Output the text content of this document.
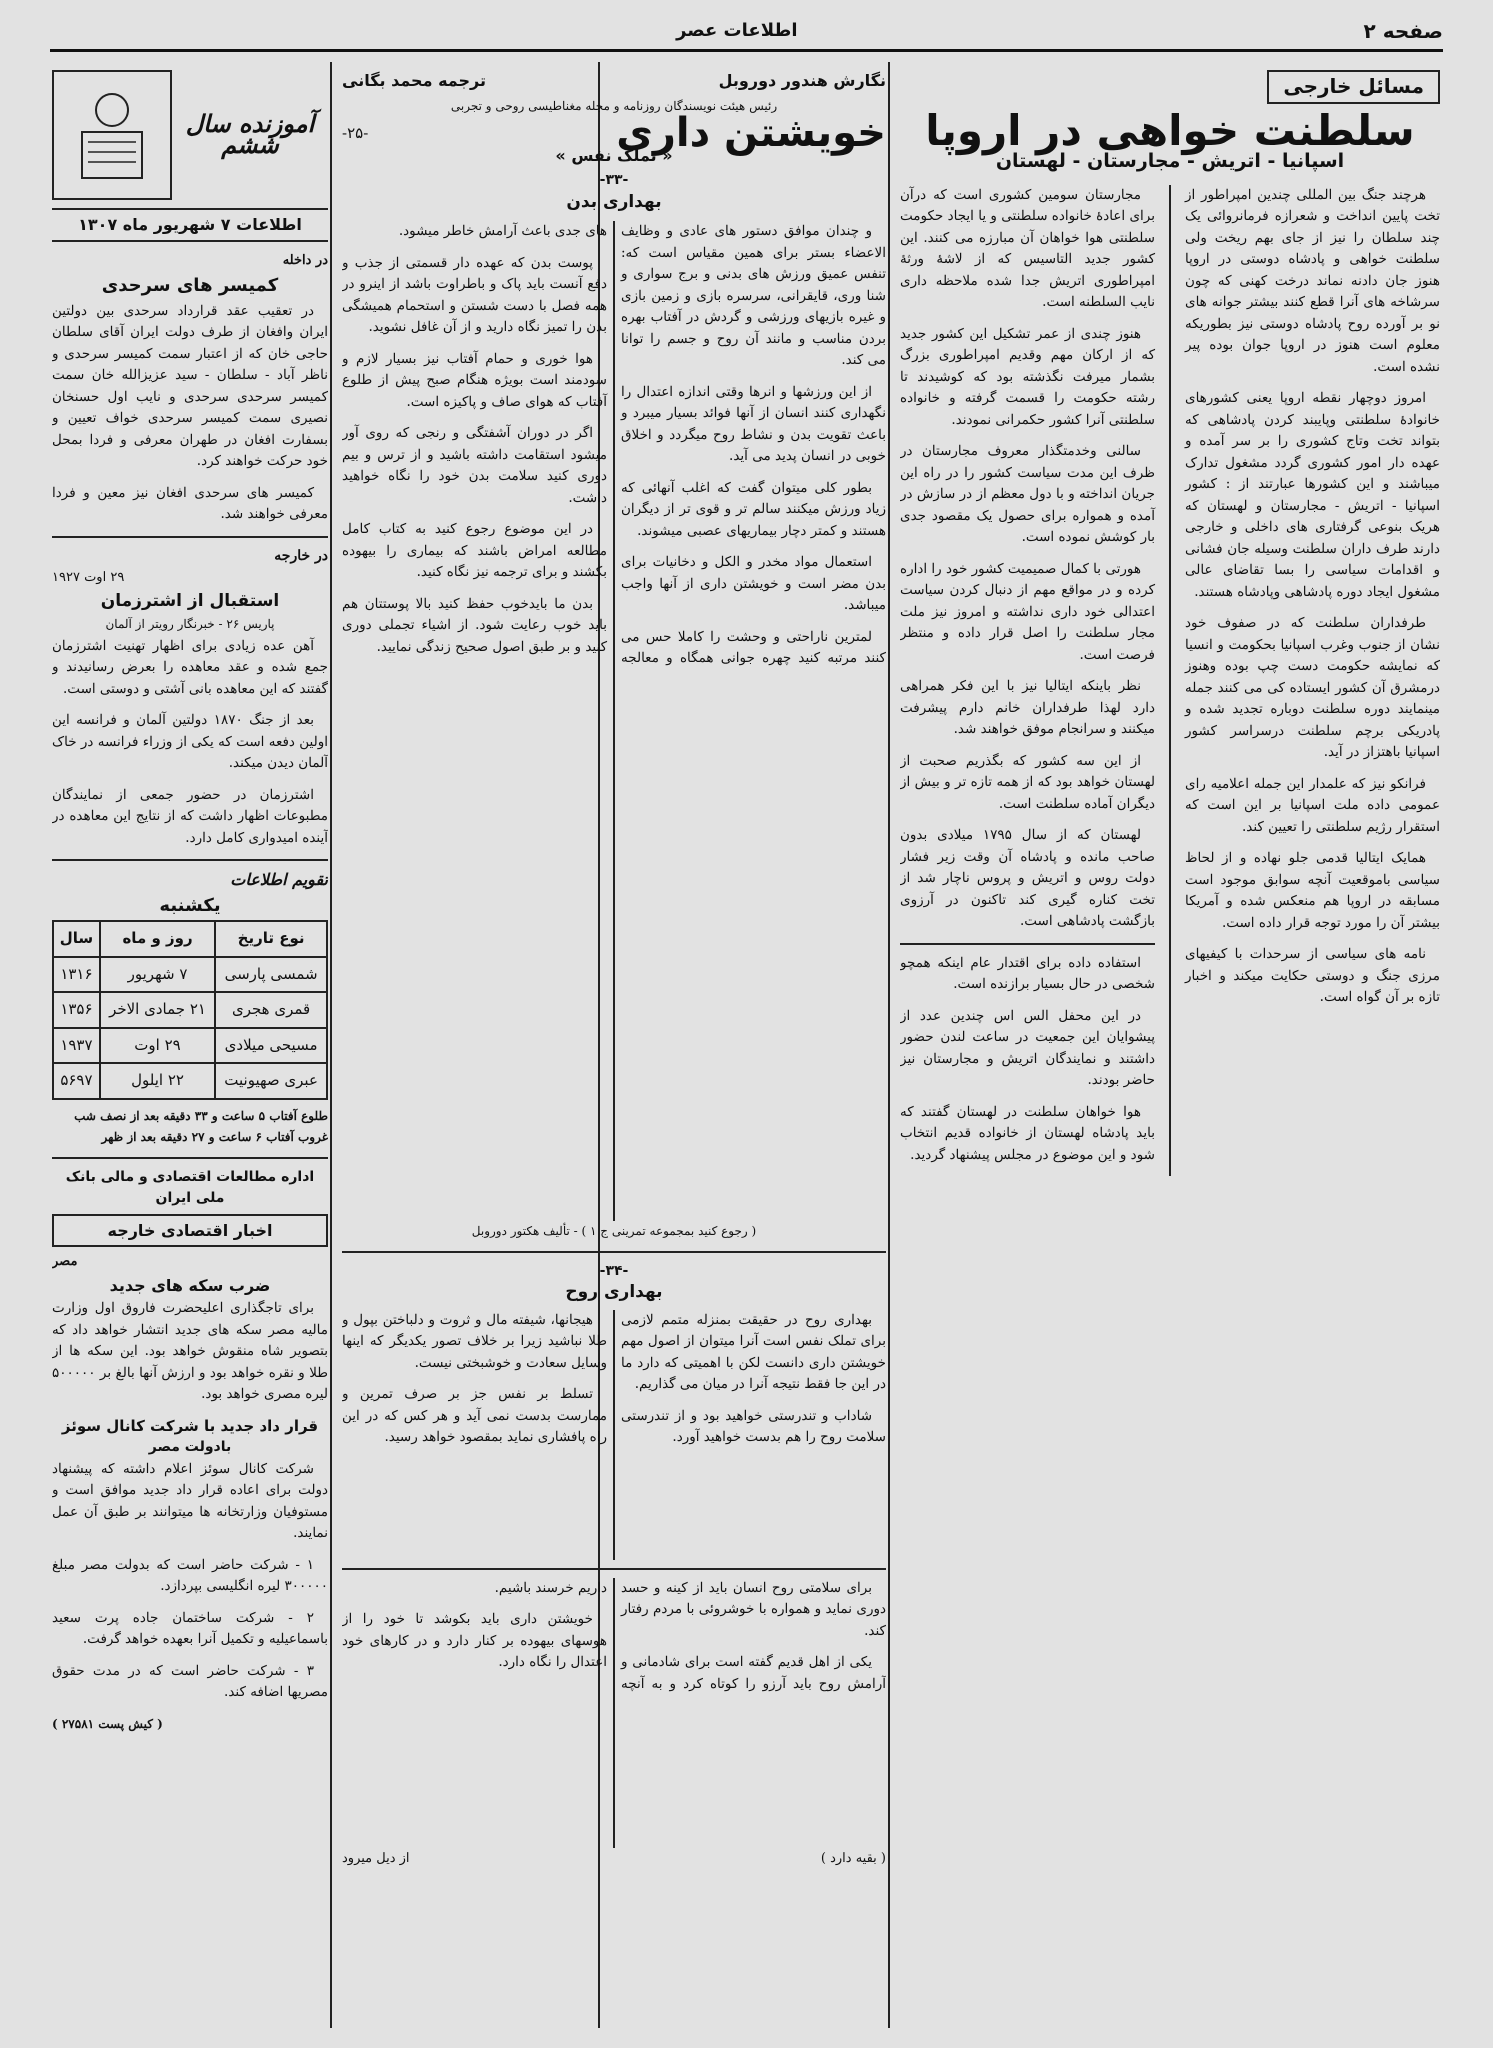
صفحه ۲
اطلاعات عصر
مسائل خارجی
سلطنت خواهی در اروپا
اسپانیا - اتریش - مجارستان - لهستان

هرچند جنگ بین المللی چندین امپراطور از تخت پایین انداخت و شعرازه فرمانروائی یک چند سلطان را نیز از جای بهم ریخت ولی سلطنت خواهی و پادشاه دوستی در اروپا هنوز جان دادنه نماند درخت کهنی که چون سرشاخه های آنرا قطع کنند بیشتر جوانه های نو بر آورده روح پادشاه دوستی نیز بطوریکه معلوم است هنوز در اروپا جوان بوده پیر نشده است.

امروز دوچهار نقطه اروپا یعنی کشورهای خانوادهٔ سلطنتی وپایبند کردن پادشاهی که بتواند تخت وتاج کشوری را بر سر آمده و عهده دار امور کشوری گردد مشغول تدارک میباشند و این کشورها عبارتند از : کشور اسپانیا - اتریش - مجارستان و لهستان که هریک بنوعی گرفتاری های داخلی و خارجی دارند طرف داران سلطنت وسیله جان فشانی و اقدامات سیاسی را بسا تقاضای عالی مشغول ایجاد دوره پادشاهی وپادشاه هستند.

طرفداران سلطنت که در صفوف خود نشان از جنوب وغرب اسپانیا بحکومت و انسیا که نمایشه حکومت دست چپ بوده وهنوز درمشرق آن کشور ایستاده کی می کنند جمله مینمایند دوره سلطنت دوباره تجدید شده و پادریکی برچم سلطنت درسراسر کشور اسپانیا باهتزاز در آید.

فرانکو نیز که علمدار این جمله اعلامیه رای عمومی داده ملت اسپانیا بر این است که استقرار رژیم سلطنتی را تعیین کند.

همایک ایتالیا قدمی جلو نهاده و از لحاظ سیاسی باموقعیت آنچه سوابق موجود است مسابقه در اروپا هم منعکس شده و آمریکا بیشتر آن را مورد توجه قرار داده است.

نامه های سیاسی از سرحدات با کیفیهای مرزی جنگ و دوستی حکایت میکند و اخبار تازه بر آن گواه است.

مجارستان سومین کشوری است که درآن برای اعادهٔ خانواده سلطنتی و یا ایجاد حکومت سلطنتی هوا خواهان آن مبارزه می کنند. این کشور جدید التاسیس که از لاشهٔ ورثهٔ امپراطوری اتریش جدا شده ملاحظه داری نایب السلطنه است.

هنوز چندی از عمر تشکیل این کشور جدید که از ارکان مهم وقدیم امپراطوری بزرگ بشمار میرفت نگذشته بود که کوشیدند تا رشته حکومت را قسمت گرفته و خانواده سلطنتی آنرا کشور حکمرانی نمودند.

سالنی وخدمتگذار معروف مجارستان در ظرف این مدت سیاست کشور را در راه این جریان انداخته و با دول معظم از در سازش در آمده و همواره برای حصول یک مقصود جدی بار کوشش نموده است.

هورتی با کمال صمیمیت کشور خود را اداره کرده و در مواقع مهم از دنبال کردن سیاست اعتدالی خود داری نداشته و امروز نیز ملت مجار سلطنت را اصل قرار داده و منتظر فرصت است.

نظر باینکه ایتالیا نیز با این فکر همراهی دارد لهذا طرفداران خانم دارم پیشرفت میکنند و سرانجام موفق خواهند شد.

از این سه کشور که بگذریم صحبت از لهستان خواهد بود که از همه تازه تر و بیش از دیگران آماده سلطنت است.

لهستان که از سال ۱۷۹۵ میلادی بدون صاحب مانده و پادشاه آن وقت زیر فشار دولت روس و اتریش و پروس ناچار شد از تخت کناره گیری کند تاکنون در آرزوی بازگشت پادشاهی است.

استفاده داده برای اقتدار عام اینکه همچو شخصی در حال بسیار برازنده است.

در این محفل الس اس چندین عدد از پیشوایان این جمعیت در ساعت لندن حضور داشتند و نمایندگان اتریش و مجارستان نیز حاضر بودند.

هوا خواهان سلطنت در لهستان گفتند که باید پادشاه لهستان از خانواده قدیم انتخاب شود و این موضوع در مجلس پیشنهاد گردید.

نگارش هندور دوروبل
ترجمه محمد بگانی
رئیس هیئت نویسندگان روزنامه و مجله مغناطیسی روحی و تجربی
خویشتن داری
-۲۵-
« تملک نفس »
-۳۳-
بهداری بدن

و چندان موافق دستور های عادی و وظایف الاعضاء بستر برای همین مقیاس است که: تنفس عمیق ورزش های بدنی و برج سواری و شنا وری، قایقرانی، سرسره بازی و زمین بازی و غیره بازیهای ورزشی و گردش در آفتاب بهره بردن مناسب و مانند آن روح و جسم را توانا می کند.

از این ورزشها و انرها وقتی اندازه اعتدال را نگهداری کنند انسان از آنها فوائد بسیار میبرد و باعث تقویت بدن و نشاط روح میگردد و اخلاق خوبی در انسان پدید می آید.

بطور کلی میتوان گفت که اغلب آنهائی که زیاد ورزش میکنند سالم تر و قوی تر از دیگران هستند و کمتر دچار بیماریهای عصبی میشوند.

استعمال مواد مخدر و الکل و دخانیات برای بدن مضر است و خویشتن داری از آنها واجب میباشد.

لمترین ناراحتی و وحشت را کاملا حس می کنند مرتبه کنید چهره جوانی همگاه و معالجه های جدی باعث آرامش خاطر میشود.

پوست بدن که عهده دار قسمتی از جذب و دفع آنست باید پاک و باطراوت باشد از اینرو در همه فصل با دست شستن و استحمام همیشگی بدن را تمیز نگاه دارید و از آن غافل نشوید.

هوا خوری و حمام آفتاب نیز بسیار لازم و سودمند است بویژه هنگام صبح پیش از طلوع آفتاب که هوای صاف و پاکیزه است.

اگر در دوران آشفتگی و رنجی که روی آور میشود استقامت داشته باشید و از ترس و بیم دوری کنید سلامت بدن خود را نگاه خواهید داشت.

در این موضوع رجوع کنید به کتاب کامل مطالعه امراض باشند که بیماری را بیهوده بکشند و برای ترجمه نیز نگاه کنید.

بدن ما بایدخوب حفظ کنید بالا پوستتان هم باید خوب رعایت شود. از اشیاء تجملی دوری کنید و بر طبق اصول صحیح زندگی نمایید.

( رجوع کنید بمجموعه تمرینی ج ۱ ) - تألیف هکتور دوروبل
-۳۴-
بهداری روح

بهداری روح در حقیقت بمنزله متمم لازمی برای تملک نفس است آنرا میتوان از اصول مهم خویشتن داری دانست لکن با اهمیتی که دارد ما در این جا فقط نتیجه آنرا در میان می گذاریم.

شاداب و تندرستی خواهید بود و از تندرستی سلامت روح را هم بدست خواهید آورد.

هیجانها، شیفته مال و ثروت و دلباختن بپول و طلا نباشید زیرا بر خلاف تصور یکدیگر که اینها وسایل سعادت و خوشبختی نیست.

تسلط بر نفس جز بر صرف تمرین و ممارست بدست نمی آید و هر کس که در این راه پافشاری نماید بمقصود خواهد رسید.

برای سلامتی روح انسان باید از کینه و حسد دوری نماید و همواره با خوشروئی با مردم رفتار کند.

یکی از اهل قدیم گفته است برای شادمانی و آرامش روح باید آرزو را کوتاه کرد و به آنچه داریم خرسند باشیم.

خویشتن داری باید بکوشد تا خود را از هوسهای بیهوده بر کنار دارد و در کارهای خود اعتدال را نگاه دارد.

( بقیه دارد )
از دیل میرود
آموزنده سال ششم
اطلاعات ۷ شهریور ماه ۱۳۰۷
در داخله
کمیسر های سرحدی

در تعقیب عقد قرارداد سرحدی بین دولتین ایران وافغان از طرف دولت ایران آقای سلطان حاجی خان که از اعتبار سمت کمیسر سرحدی و ناظر آباد - سلطان - سید عزیزالله خان سمت کمیسر سرحدی سرحدی و نایب اول حسنخان نصیری سمت کمیسر سرحدی خواف تعیین و بسفارت افغان در طهران معرفی و فردا بمحل خود حرکت خواهند کرد.

کمیسر های سرحدی افغان نیز معین و فردا معرفی خواهند شد.

در خارجه
۲۹ اوت ۱۹۲۷
استقبال از اشترزمان
پاریس ۲۶ - خبرنگار رویتر از آلمان

آهن عده زیادی برای اظهار تهنیت اشترزمان جمع شده و عقد معاهده را بعرض رسانیدند و گفتند که این معاهده بانی آشتی و دوستی است.

بعد از جنگ ۱۸۷۰ دولتین آلمان و فرانسه این اولین دفعه است که یکی از وزراء فرانسه در خاک آلمان دیدن میکند.

اشترزمان در حضور جمعی از نمایندگان مطبوعات اظهار داشت که از نتایج این معاهده در آینده امیدواری کامل دارد.

تقویم اطلاعات
یکشنبه
نوع تاریخ	روز و ماه	سال
شمسی پارسی	۷ شهریور	۱۳۱۶
قمری هجری	۲۱ جمادی الاخر	۱۳۵۶
مسیحی میلادی	۲۹ اوت	۱۹۳۷
عبری صهیونیت	۲۲ ایلول	۵۶۹۷
طلوع آفتاب ۵ ساعت و ۳۳ دقیقه بعد از نصف شب
غروب آفتاب ۶ ساعت و ۲۷ دقیقه بعد از ظهر
اداره مطالعات اقتصادی و مالی بانک ملی ایران
اخبار اقتصادی خارجه
مصر
ضرب سکه های جدید

برای تاجگذاری اعلیحضرت فاروق اول وزارت مالیه مصر سکه های جدید انتشار خواهد داد که بتصویر شاه منقوش خواهد بود. این سکه ها از طلا و نقره خواهد بود و ارزش آنها بالغ بر ۵۰۰۰۰۰ لیره مصری خواهد بود.

قرار داد جدید با شرکت کانال سوئز
بادولت مصر

شرکت کانال سوئز اعلام داشته که پیشنهاد دولت برای اعاده قرار داد جدید موافق است و مستوفیان وزارتخانه ها میتوانند بر طبق آن عمل نمایند.

۱ - شرکت حاضر است که بدولت مصر مبلغ ۳۰۰۰۰۰ لیره انگلیسی بپردازد.

۲ - شرکت ساختمان جاده پرت سعید باسماعیلیه و تکمیل آنرا بعهده خواهد گرفت.

۳ - شرکت حاضر است که در مدت حقوق مصریها اضافه کند.

( کیش پست ۲۷۵۸۱ )
